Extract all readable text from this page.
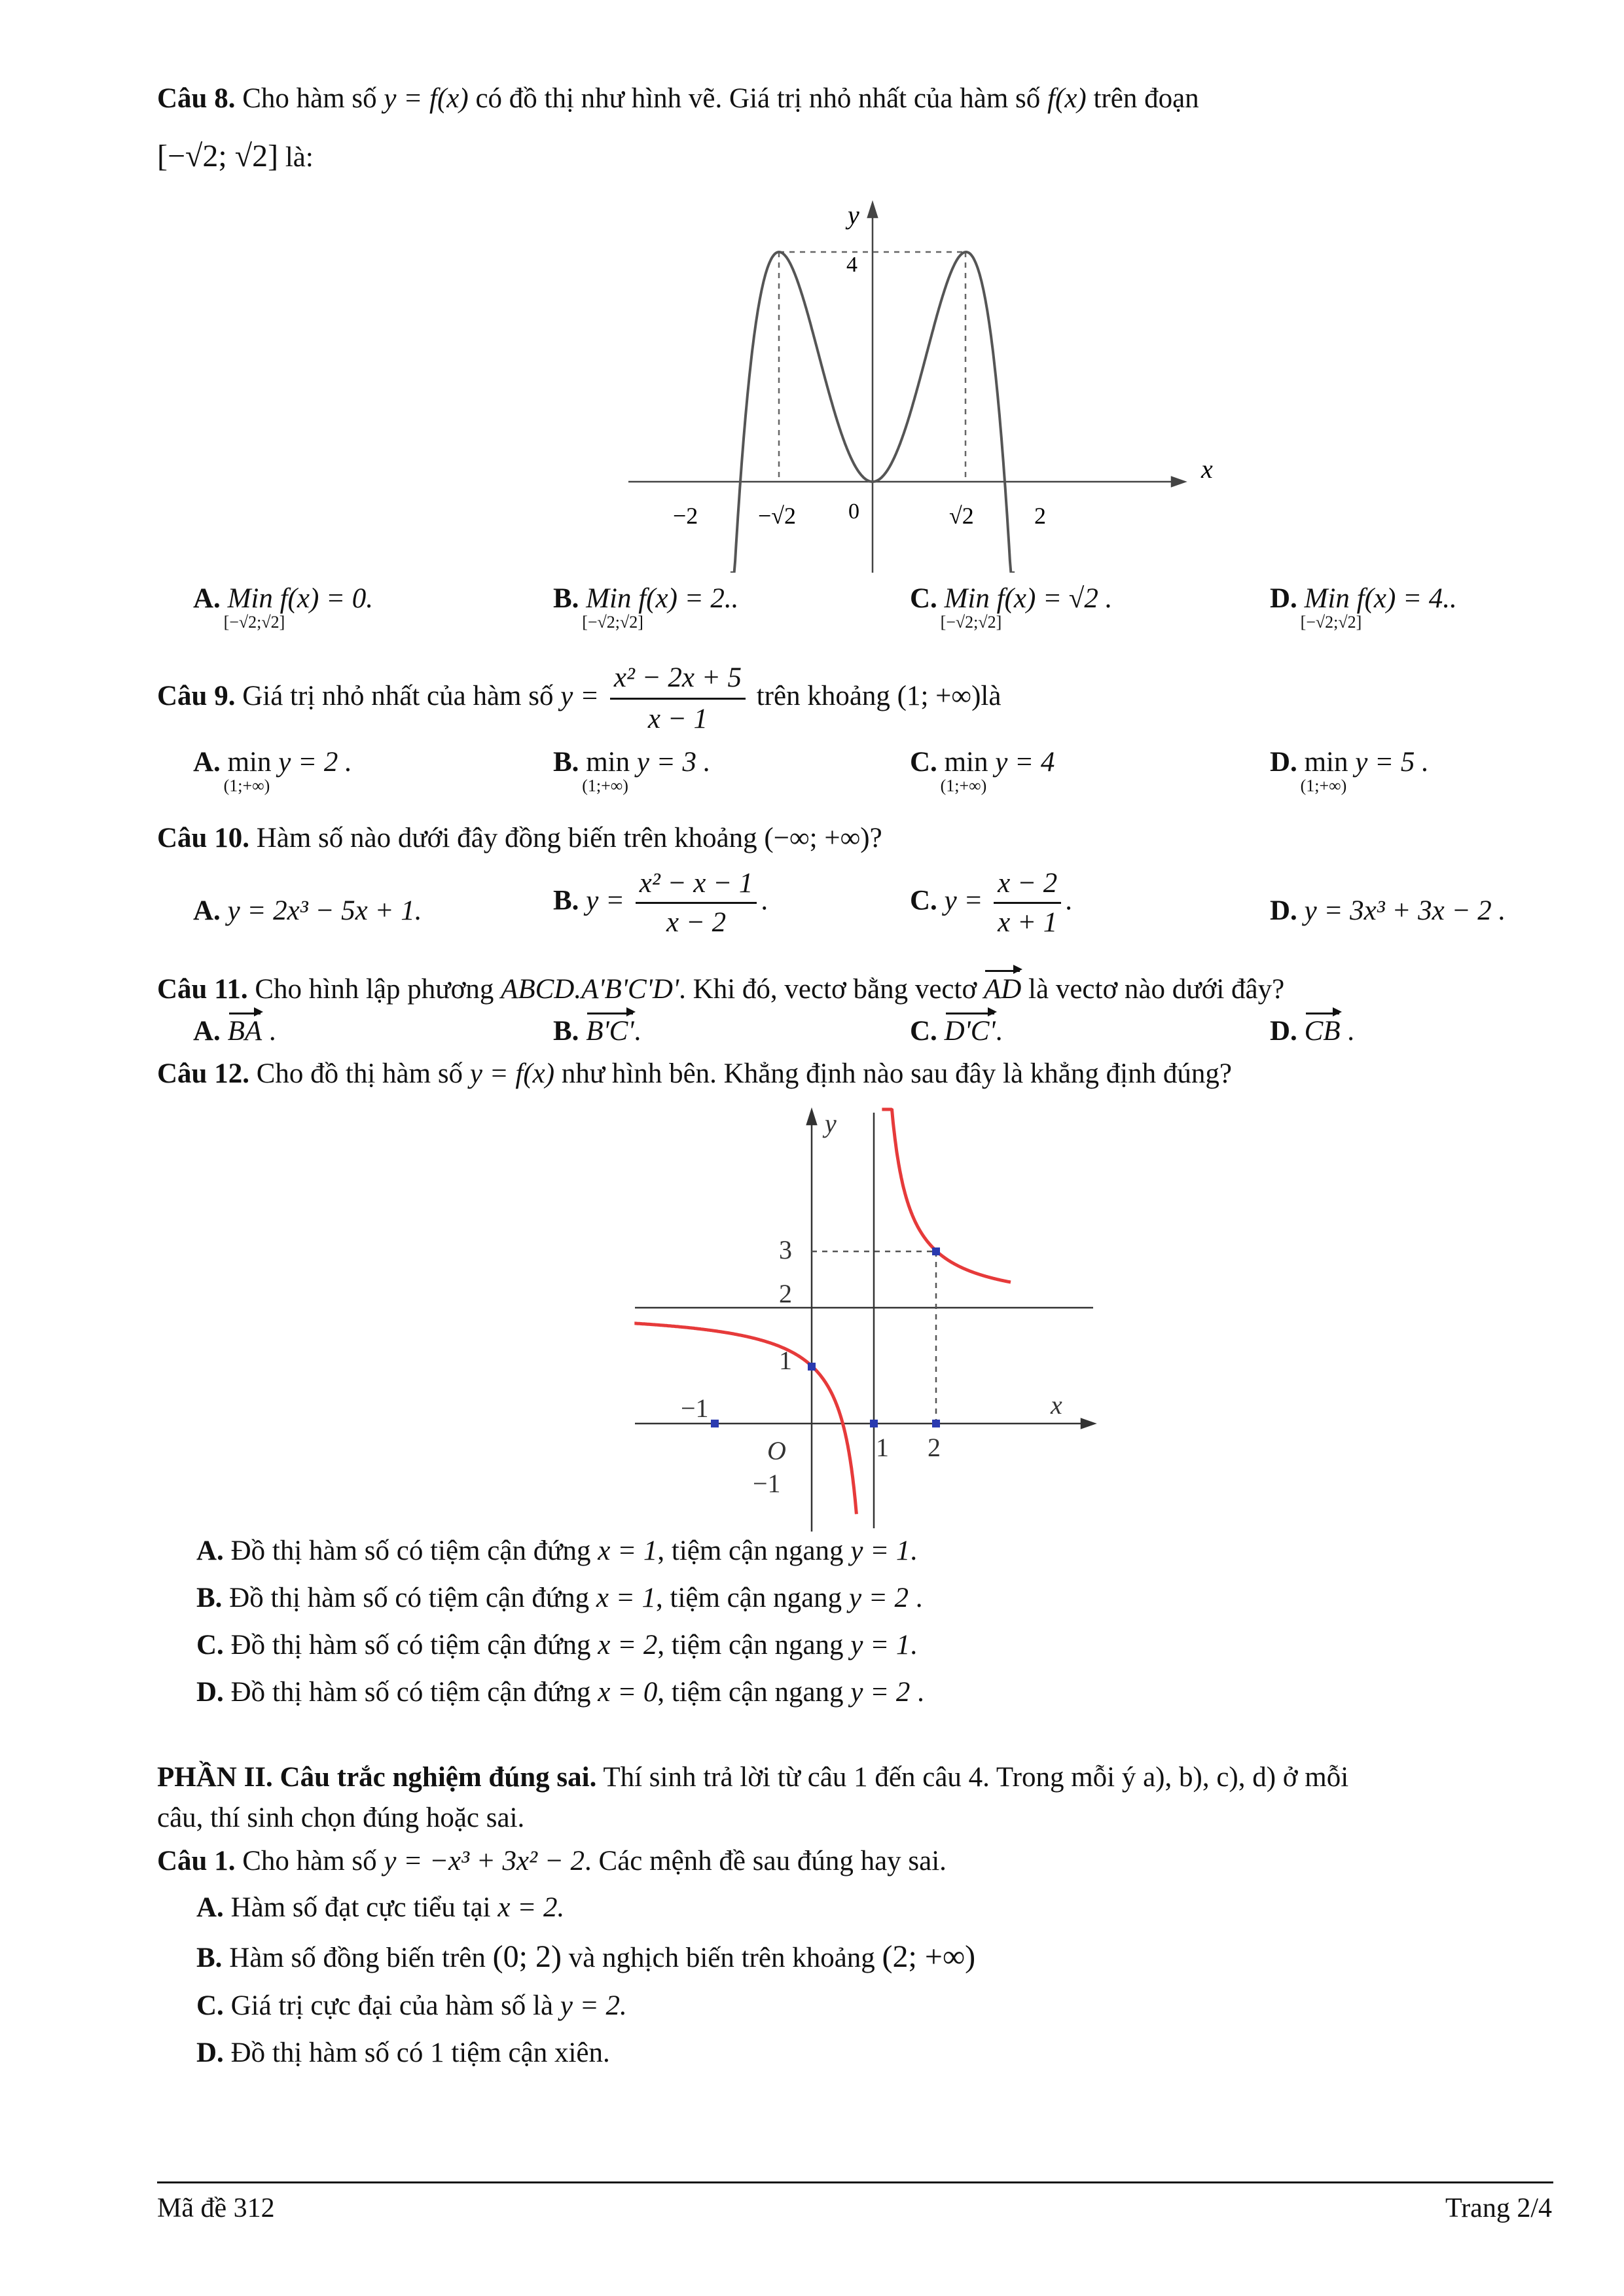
Câu 8. Cho hàm số y = f(x) có đồ thị như hình vẽ. Giá trị nhỏ nhất của hàm số f(x) trên đoạn
[−√2; √2] là:
y
4
x
−2	−√2 0	√2	2
A. Min
[−√2;√2]
f(x) = 0.	B. Min
[−√2;√2]
f(x) = 2..	C. Min
[−√2;√2]
f(x) = √2 .	D. Min
[−√2;√2]
f(x) = 4..
Câu 9. Giá trị nhỏ nhất của hàm số $y = \frac{\text{x² − 2x + 5}}{x - 1}$ trên khoảng (1; +∞)là
A. min
(1;+∞)
y = 2 .	B. min
(1;+∞)
y = 3 .	C. min
(1;+∞)
y = 4	D. min
(1;+∞)
y = 5 .
Câu 10. Hàm số nào dưới đây đồng biến trên khoảng (−∞; +∞)?
A. y = 2x³ − 5x + 1.	B. $y = \frac{\text{x² − x − 1}}{x - 2}$ .	C. $y = \frac{x - 2}{x + 1}$ .	D. y = 3x³ + 3x − 2 .
Câu 11. Cho hình lập phương ABCD.A'B'C'D'. Khi đó, vectơ bằng vectơ AD là vectơ nào dưới đây?
A. BA .	B. B'C'.	C. D'C'.	D. CB .
Câu 12. Cho đồ thị hàm số y = f(x) như hình bên. Khẳng định nào sau đây là khẳng định đúng?
y
x
O
3
2
1
−1
−1
1 2
A. Đồ thị hàm số có tiệm cận đứng x = 1, tiệm cận ngang y = 1.
B. Đồ thị hàm số có tiệm cận đứng x = 1, tiệm cận ngang y = 2 .
C. Đồ thị hàm số có tiệm cận đứng x = 2, tiệm cận ngang y = 1.
D. Đồ thị hàm số có tiệm cận đứng x = 0, tiệm cận ngang y = 2 .
PHẦN II. Câu trắc nghiệm đúng sai. Thí sinh trả lời từ câu 1 đến câu 4. Trong mỗi ý a), b), c), d) ở mỗi
câu, thí sinh chọn đúng hoặc sai.
Câu 1. Cho hàm số y = −x³ + 3x² − 2. Các mệnh đề sau đúng hay sai.
A. Hàm số đạt cực tiểu tại x = 2.
B. Hàm số đồng biến trên (0; 2) và nghịch biến trên khoảng (2; +∞)
C. Giá trị cực đại của hàm số là y = 2.
D. Đồ thị hàm số có 1 tiệm cận xiên.
Mã đề 312	Trang 2/4
